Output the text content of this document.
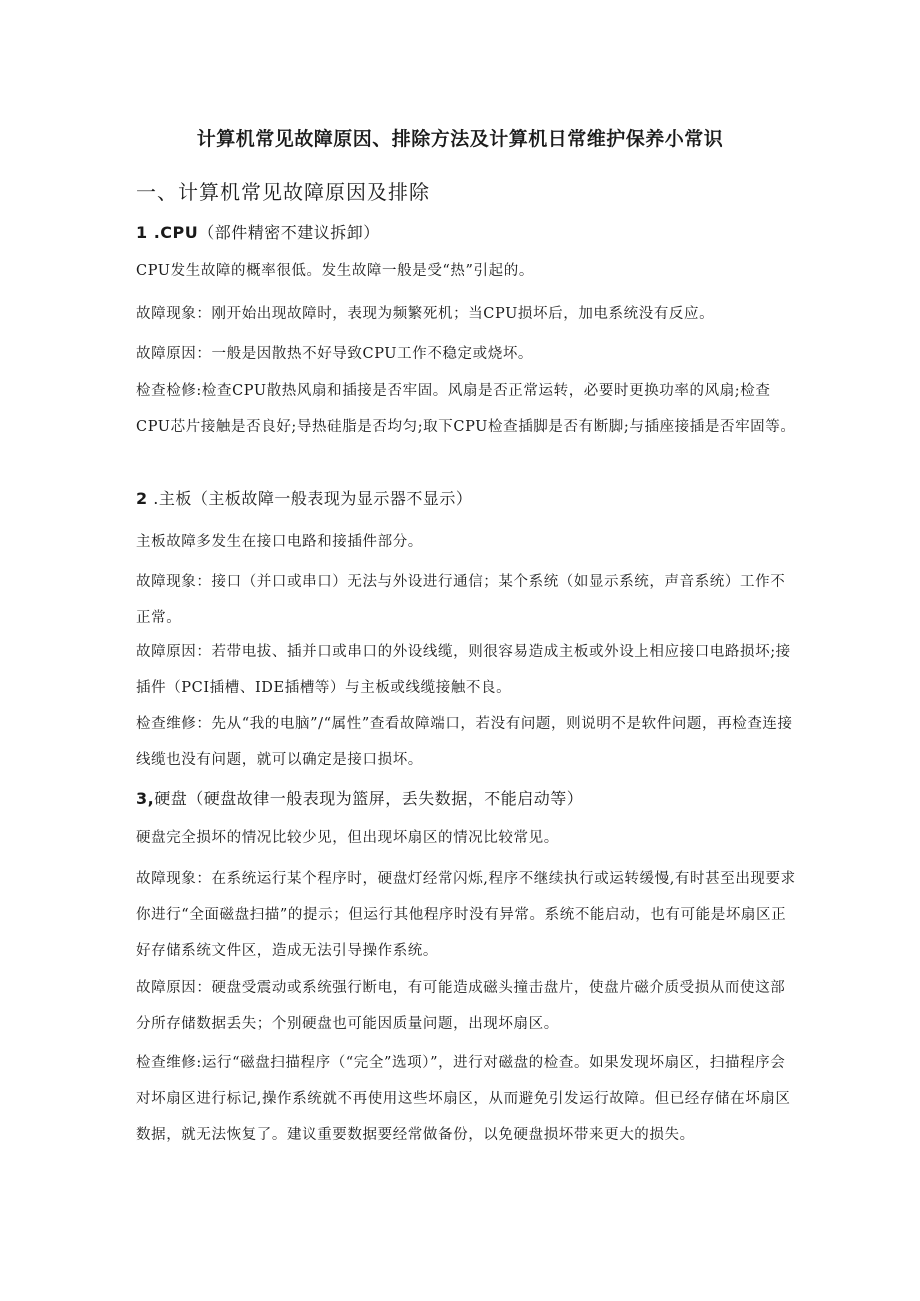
计算机常见故障原因、排除方法及计算机日常维护保养小常识
一、计算机常见故障原因及排除
1 .CPU（部件精密不建议拆卸）
CPU发生故障的概率很低。发生故障一般是受“热”引起的。
故障现象：刚开始出现故障时，表现为频繁死机；当CPU损坏后，加电系统没有反应。
故障原因：一般是因散热不好导致CPU工作不稳定或烧坏。
检查检修:检查CPU散热风扇和插接是否牢固。风扇是否正常运转，必要时更换功率的风扇;检查CPU芯片接触是否良好;导热硅脂是否均匀;取下CPU检查插脚是否有断脚;与插座接插是否牢固等。
2 .主板（主板故障一般表现为显示器不显示）
主板故障多发生在接口电路和接插件部分。
故障现象：接口（并口或串口）无法与外设进行通信；某个系统（如显示系统，声音系统）工作不正常。
故障原因：若带电拔、插并口或串口的外设线缆，则很容易造成主板或外设上相应接口电路损坏;接插件（PCI插槽、IDE插槽等）与主板或线缆接触不良。
检查维修：先从“我的电脑”/“属性”查看故障端口，若没有问题，则说明不是软件问题，再检查连接线缆也没有问题，就可以确定是接口损坏。
3,硬盘（硬盘故律一般表现为篮屏，丢失数据，不能启动等）
硬盘完全损坏的情况比较少见，但出现坏扇区的情况比较常见。
故障现象：在系统运行某个程序时，硬盘灯经常闪烁,程序不继续执行或运转缓慢,有时甚至出现要求你进行“全面磁盘扫描”的提示；但运行其他程序时没有异常。系统不能启动，也有可能是坏扇区正好存储系统文件区，造成无法引导操作系统。
故障原因：硬盘受震动或系统强行断电，有可能造成磁头撞击盘片，使盘片磁介质受损从而使这部分所存储数据丢失；个别硬盘也可能因质量问题，出现坏扇区。
检查维修:运行“磁盘扫描程序（“完全”选项）”，进行对磁盘的检查。如果发现坏扇区，扫描程序会对坏扇区进行标记,操作系统就不再使用这些坏扇区，从而避免引发运行故障。但已经存储在坏扇区数据，就无法恢复了。建议重要数据要经常做备份，以免硬盘损坏带来更大的损失。
